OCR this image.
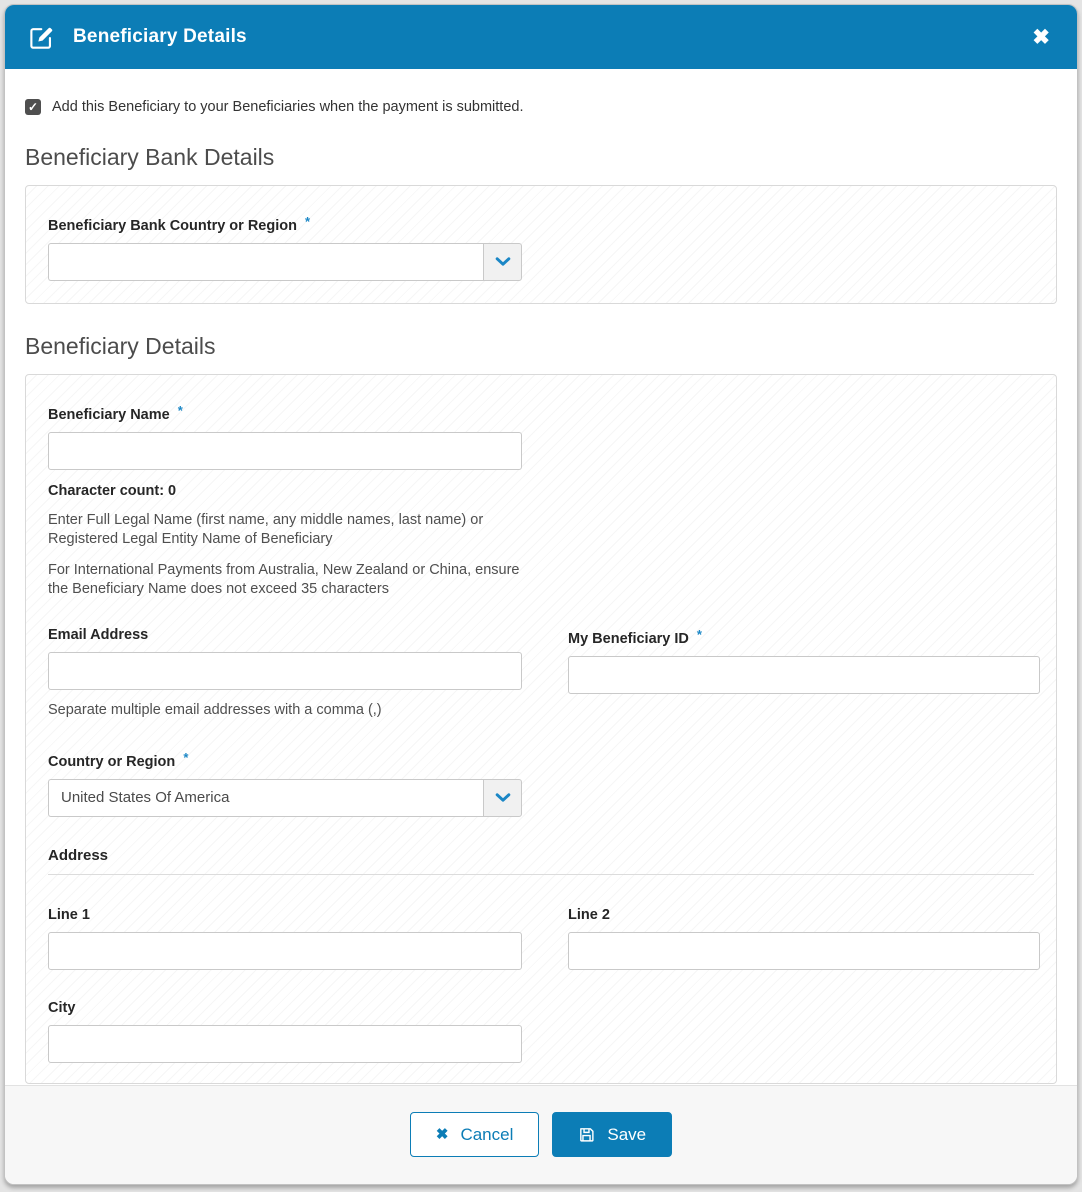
Beneficiary Details	✖
✓ Add this Beneficiary to your Beneficiaries when the payment is submitted.
Beneficiary Bank Details
Beneficiary Bank Country or Region *
Beneficiary Details
Beneficiary Name *
Character count: 0
Enter Full Legal Name (first name, any middle names, last name) or Registered Legal Entity Name of Beneficiary
For International Payments from Australia, New Zealand or China, ensure the Beneficiary Name does not exceed 35 characters
Email Address
Separate multiple email addresses with a comma (,)
My Beneficiary ID *
Country or Region *
United States Of America
Address
Line 1	Line 2
City
✖ Cancel	Save
